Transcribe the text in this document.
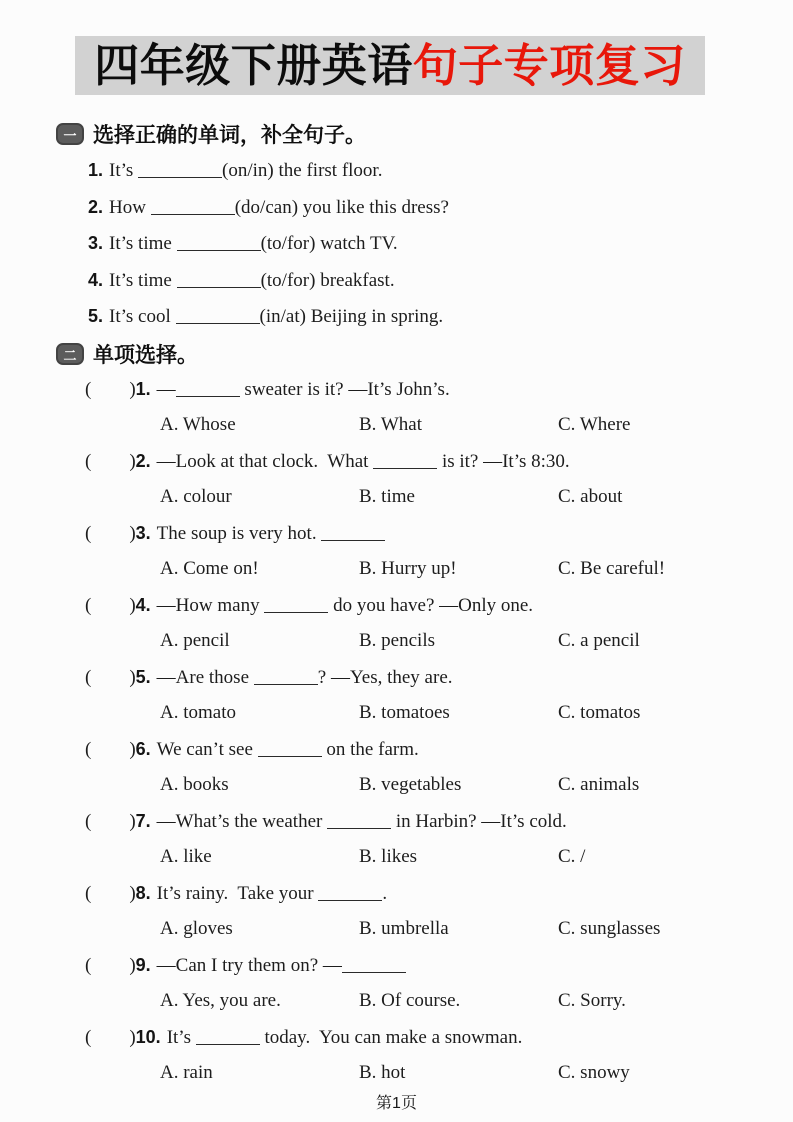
四年级下册英语 句子专项复习
一 选择正确的单词，补全句子。
1. It’s	(on/in) the first floor.
2. How	(do/can) you like this dress?
3. It’s time	(to/for) watch TV.
4. It’s time	(to/for) breakfast.
5. It’s cool	(in/at) Beijing in spring.
二 单项选择。
( )1. —	sweater is it? —It’s John’s.
A. Whose	B. What	C. Where
( )2. —Look at that clock.  What	is it? —It’s 8:30.
A. colour	B. time	C. about
( )3. The soup is very hot.
A. Come on!	B. Hurry up!	C. Be careful!
( )4. —How many	do you have? —Only one.
A. pencil	B. pencils	C. a pencil
( )5. —Are those	? —Yes, they are.
A. tomato	B. tomatoes	C. tomatos
( )6. We can’t see	on the farm.
A. books	B. vegetables	C. animals
( )7. —What’s the weather	in Harbin? —It’s cold.
A. like	B. likes	C. /
( )8. It’s rainy.  Take your	.
A. gloves	B. umbrella	C. sunglasses
( )9. —Can I try them on? —
A. Yes, you are.	B. Of course.	C. Sorry.
( )10. It’s	today.  You can make a snowman.
A. rain	B. hot	C. snowy
第1页
